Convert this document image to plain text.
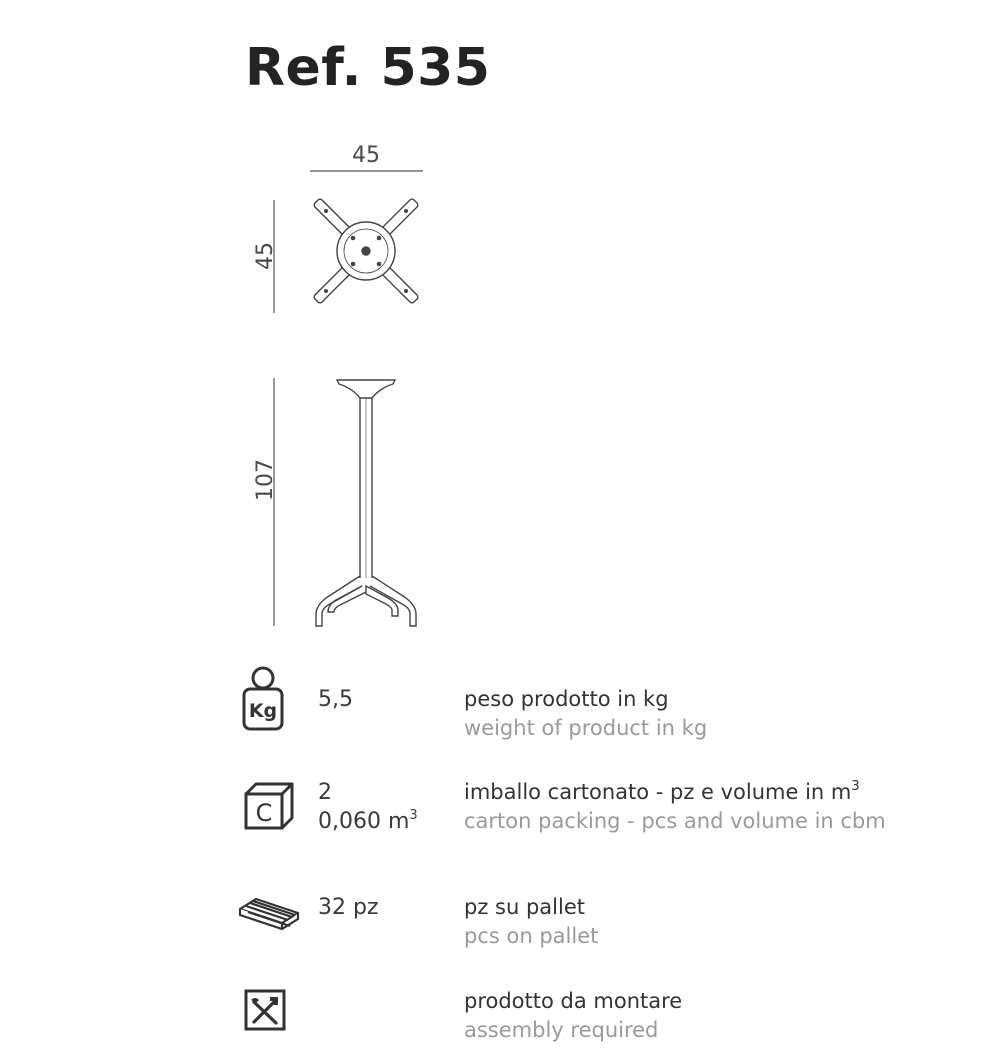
Ref. 535
45
45
107
Kg 5,5	peso prodotto in kg
weight of product in kg
C
2
0,060 $m^3$
imballo cartonato - pz e volume in $m^3$
carton packing - pcs and volume in cbm
32 pz	pz su pallet
pcs on pallet
prodotto da montare
assembly required
